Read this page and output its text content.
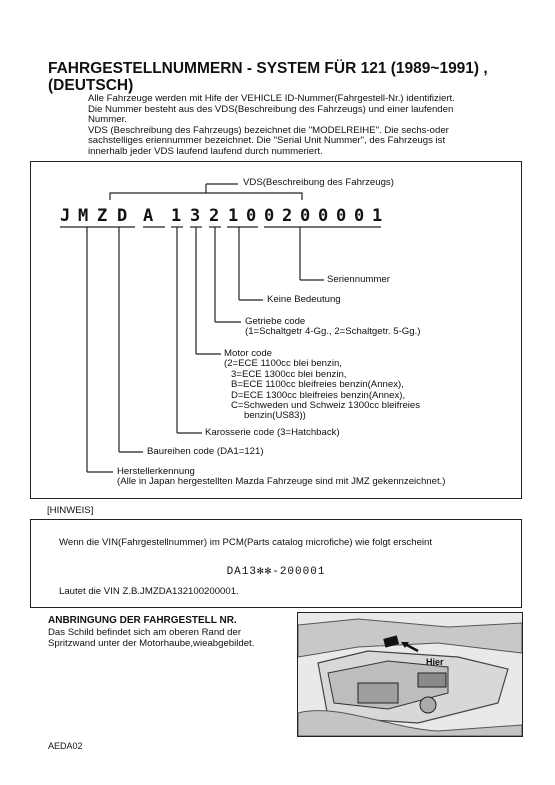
FAHRGESTELLNUMMERN - SYSTEM FÜR 121 (1989~1991) , (DEUTSCH)
Alle Fahrzeuge werden mit Hife der VEHICLE ID-Nummer(Fahrgestell-Nr.) identifiziert.
Die Nummer besteht aus des VDS(Beschreibung des Fahrzeugs) und einer laufenden
Nummer.
VDS (Beschreibung des Fahrzeugs) bezeichnet die "MODELREIHE". Die sechs-oder
sachstelliges eriennummer bezeichnet. Die "Serial Unit Nummer", des Fahrzeugs ist
innerhalb jeder VDS laufend laufend durch nummeriert.
VDS(Beschreibung des Fahrzeugs)
J M Z D A 1 3 2 1 0 0 2 0 0 0 0 1
Seriennummer
Keine Bedeutung
Getriebe code
(1=Schaltgetr 4-Gg., 2=Schaltgetr. 5-Gg.)
Motor code
(2=ECE 1100cc blei benzin,
3=ECE 1300cc blei benzin,
B=ECE 1100cc bleifreies benzin(Annex),
D=ECE 1300cc bleifreies benzin(Annex),
C=Schweden und Schweiz 1300cc bleifreies
benzin(US83))
Karosserie code (3=Hatchback)
Baureihen code (DA1=121)
Herstellerkennung
(Alle in Japan hergestellten Mazda Fahrzeuge sind mit JMZ gekennzeichnet.)
[HINWEIS]
Wenn die VIN(Fahrgestellnummer) im PCM(Parts catalog microfiche) wie folgt erscheint
DA13✻✻-200001
Lautet die VIN Z.B.JMZDA132100200001.
ANBRINGUNG DER FAHRGESTELL NR.
Das Schild befindet sich am oberen Rand der
Spritzwand unter der Motorhaube,wieabgebildet.
Hier
AEDA02
